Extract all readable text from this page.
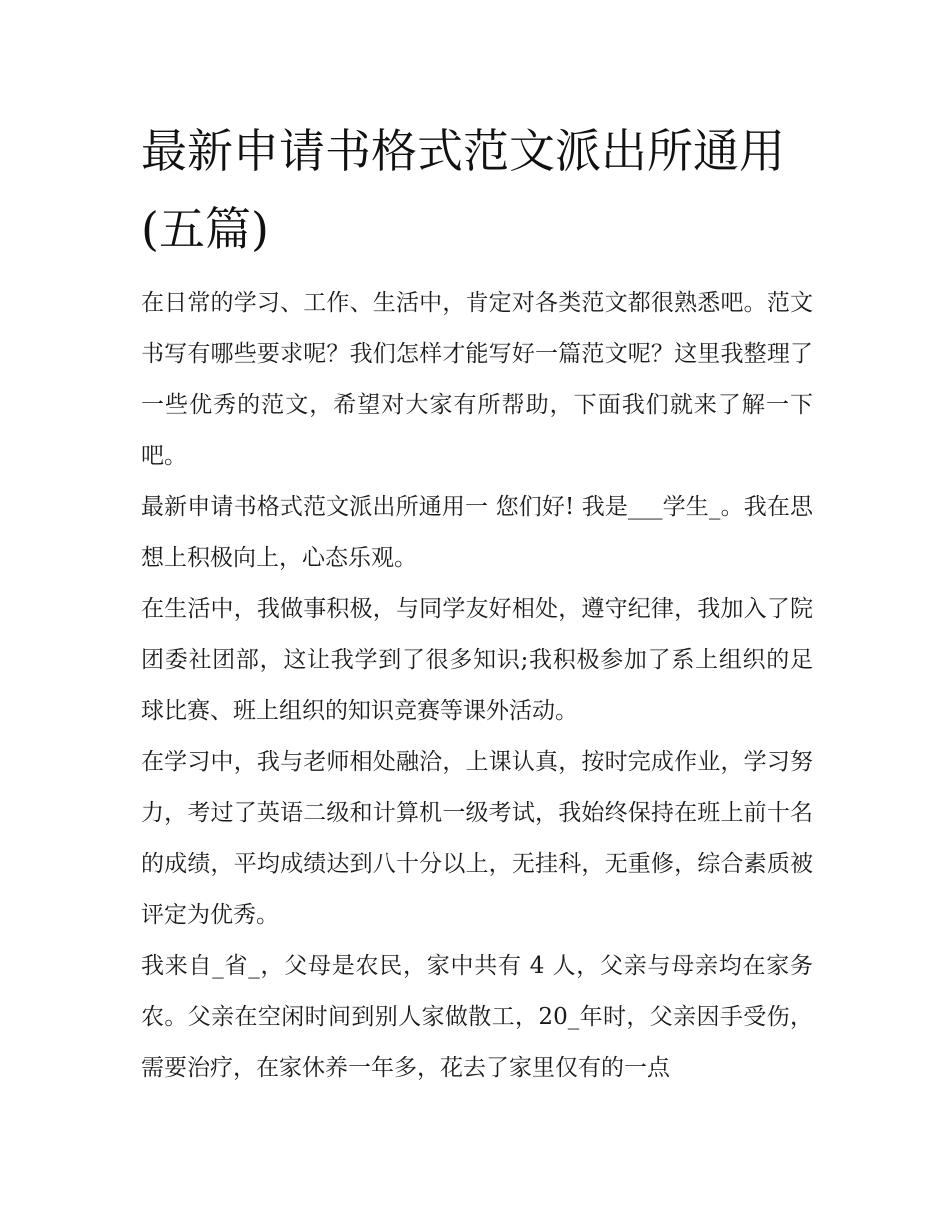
最新申请书格式范文派出所通用(五篇)

在日常的学习、工作、生活中，肯定对各类范文都很熟悉吧。范文书写有哪些要求呢？我们怎样才能写好一篇范文呢？这里我整理了一些优秀的范文，希望对大家有所帮助，下面我们就来了解一下吧。

最新申请书格式范文派出所通用一 您们好! 我是___学生_。我在思想上积极向上，心态乐观。

在生活中，我做事积极，与同学友好相处，遵守纪律，我加入了院团委社团部，这让我学到了很多知识;我积极参加了系上组织的足球比赛、班上组织的知识竞赛等课外活动。

在学习中，我与老师相处融洽，上课认真，按时完成作业，学习努力，考过了英语二级和计算机一级考试，我始终保持在班上前十名的成绩，平均成绩达到八十分以上，无挂科，无重修，综合素质被评定为优秀。

我来自_省_，父母是农民，家中共有 4 人，父亲与母亲均在家务农。父亲在空闲时间到别人家做散工，20_年时，父亲因手受伤，需要治疗，在家休养一年多，花去了家里仅有的一点
